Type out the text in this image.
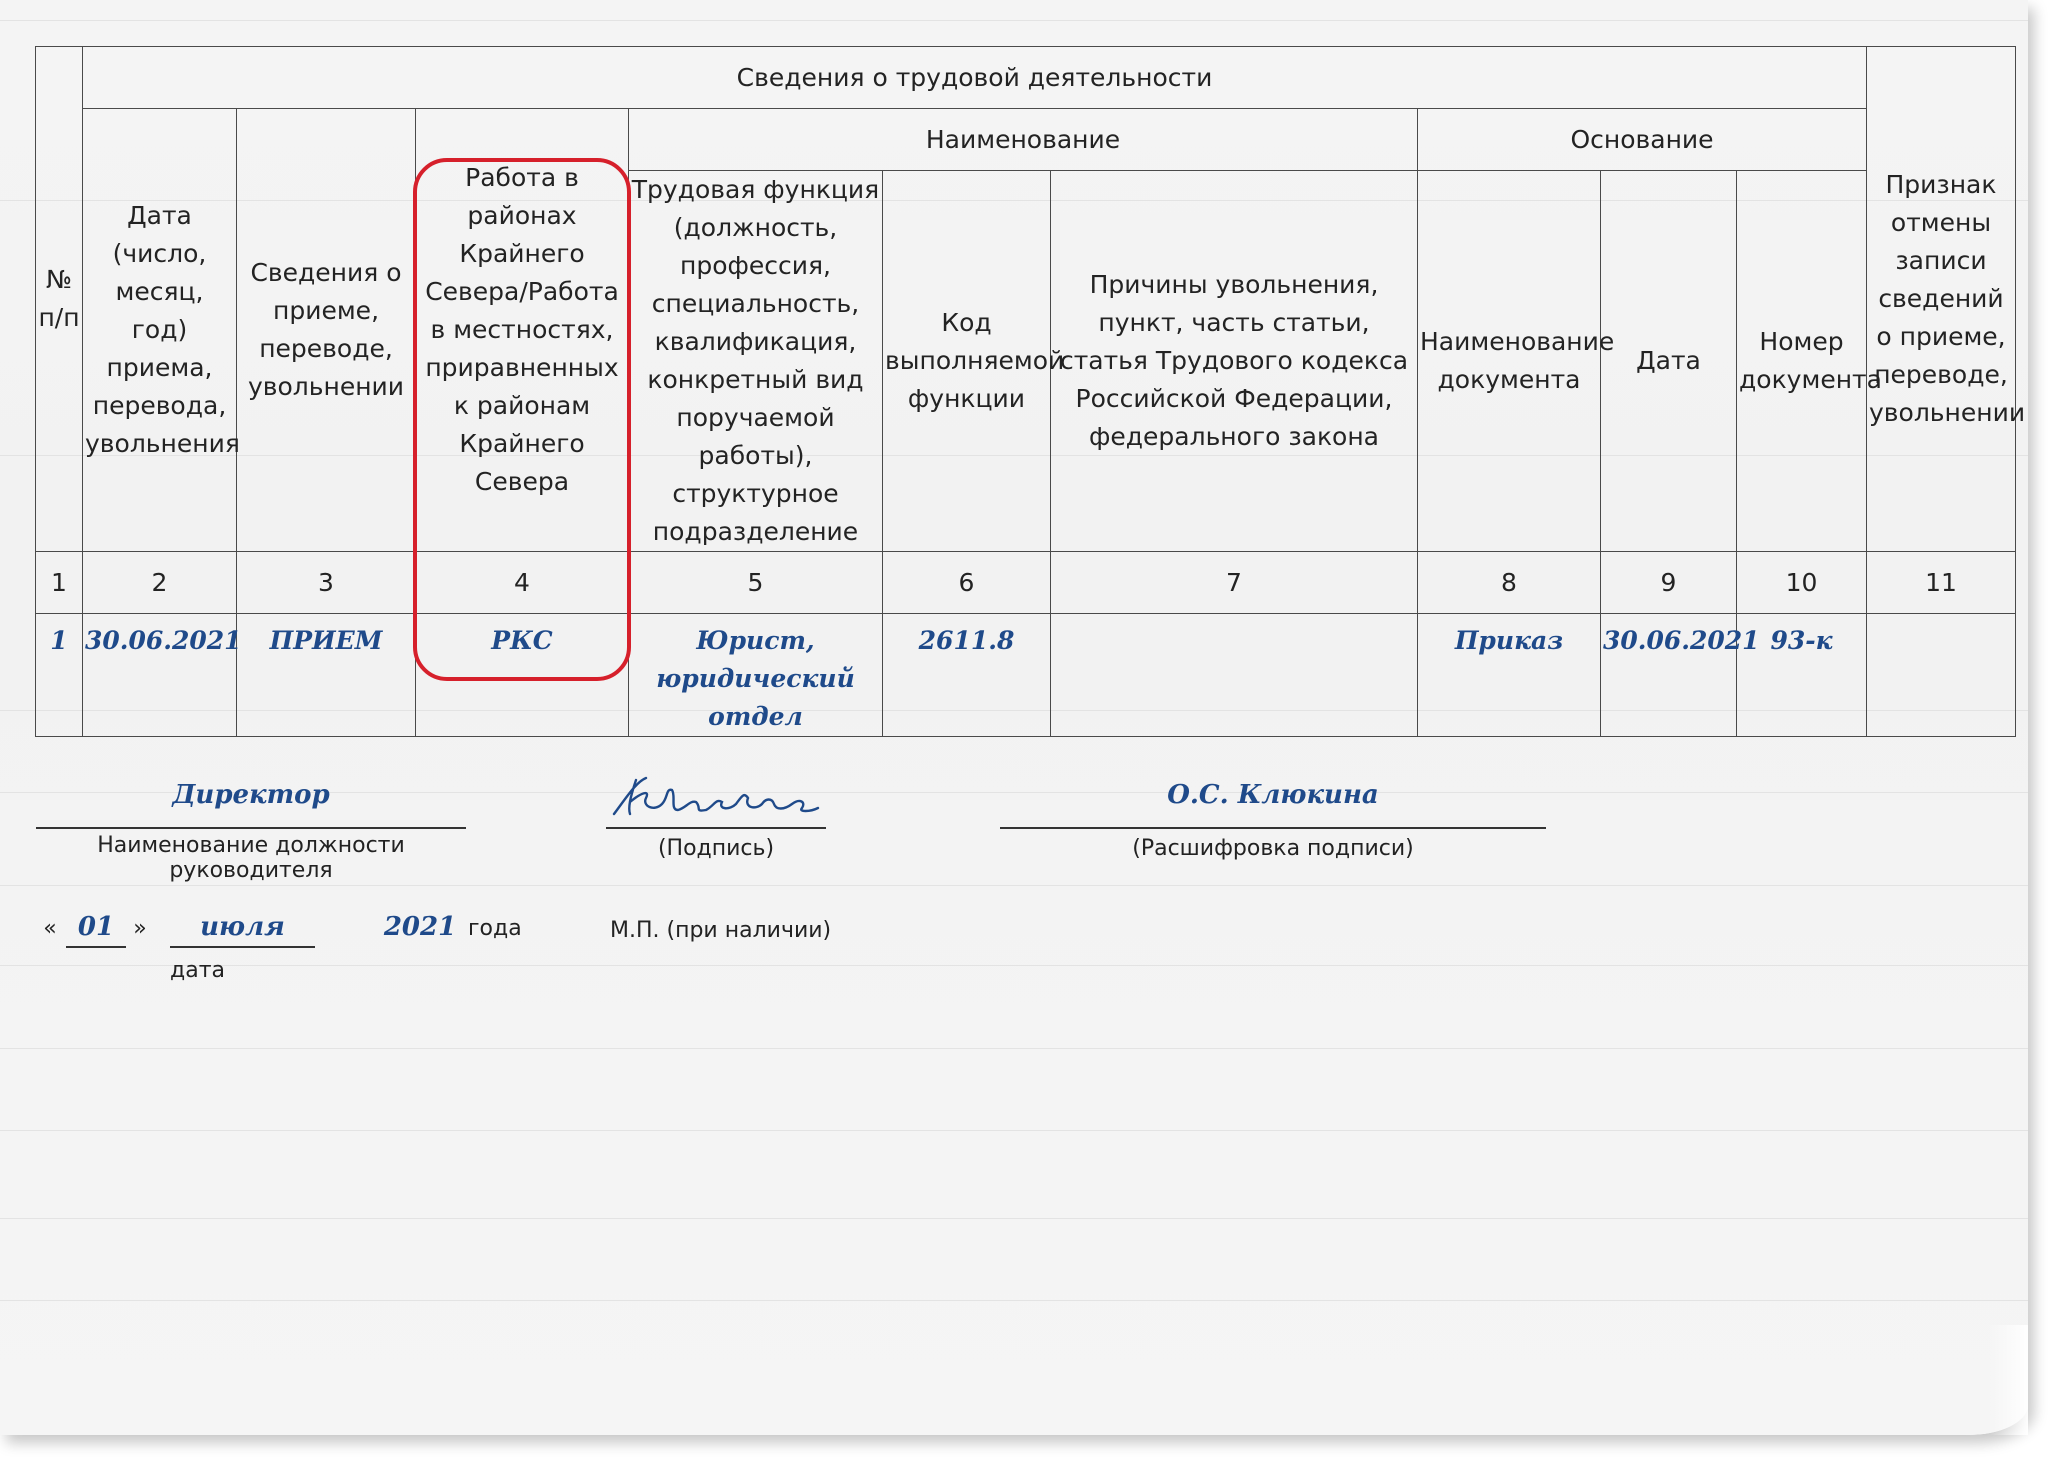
№ п/п	Сведения о трудовой деятельности									Признак отмены записи сведений о приеме, переводе, увольнении
	Дата (число, месяц, год) приема, перевода, увольнения	Сведения о приеме, переводе, увольнении	Работа в районах Крайнего Севера/Работа в местностях, приравненных к районам Крайнего Севера	Наименование			Основание			
				Трудовая функция (должность, профессия, специальность, квалификация, конкретный вид поручаемой работы), структурное подразделение	Код выполняемой функции	Причины увольнения, пункт, часть статьи, статья Трудового кодекса Российской Федерации, федерального закона	Наименование документа	Дата	Номер документа	
1	2	3	4	5	6	7	8	9	10	11
1	30.06.2021	ПРИЕМ	РКС	Юрист, юридический отдел	2611.8		Приказ	30.06.2021	93-к	
Директор
Наименование должности руководителя
(Подпись)
О.С. Клюкина
(Расшифровка подписи)
« 01 »	июля
дата
2021 года	М.П. (при наличии)
